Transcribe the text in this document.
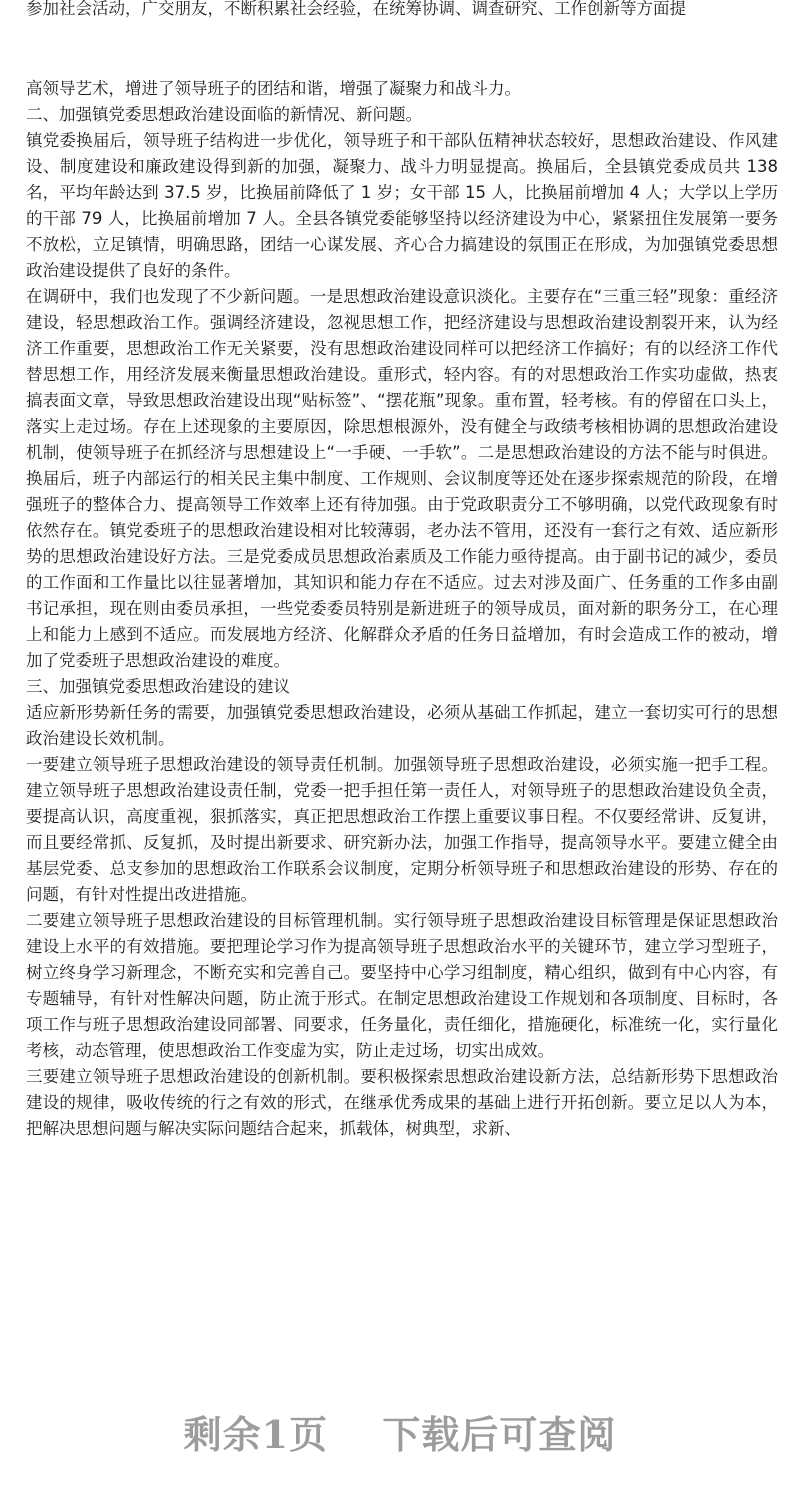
参加社会活动，广交朋友，不断积累社会经验，在统筹协调、调查研究、工作创新等方面提

高领导艺术，增进了领导班子的团结和谐，增强了凝聚力和战斗力。

二、加强镇党委思想政治建设面临的新情况、新问题。

镇党委换届后，领导班子结构进一步优化，领导班子和干部队伍精神状态较好，思想政治建设、作风建设、制度建设和廉政建设得到新的加强，凝聚力、战斗力明显提高。换届后，全县镇党委成员共 138 名，平均年龄达到 37.5 岁，比换届前降低了 1 岁；女干部 15 人，比换届前增加 4 人；大学以上学历的干部 79 人，比换届前增加 7 人。全县各镇党委能够坚持以经济建设为中心，紧紧扭住发展第一要务不放松，立足镇情，明确思路，团结一心谋发展、齐心合力搞建设的氛围正在形成，为加强镇党委思想政治建设提供了良好的条件。

在调研中，我们也发现了不少新问题。一是思想政治建设意识淡化。主要存在“三重三轻”现象：重经济建设，轻思想政治工作。强调经济建设，忽视思想工作，把经济建设与思想政治建设割裂开来，认为经济工作重要，思想政治工作无关紧要，没有思想政治建设同样可以把经济工作搞好；有的以经济工作代替思想工作，用经济发展来衡量思想政治建设。重形式，轻内容。有的对思想政治工作实功虚做，热衷搞表面文章，导致思想政治建设出现“贴标签”、“摆花瓶”现象。重布置，轻考核。有的停留在口头上，落实上走过场。存在上述现象的主要原因，除思想根源外，没有健全与政绩考核相协调的思想政治建设机制，使领导班子在抓经济与思想建设上“一手硬、一手软”。二是思想政治建设的方法不能与时俱进。换届后，班子内部运行的相关民主集中制度、工作规则、会议制度等还处在逐步探索规范的阶段，在增强班子的整体合力、提高领导工作效率上还有待加强。由于党政职责分工不够明确，以党代政现象有时依然存在。镇党委班子的思想政治建设相对比较薄弱，老办法不管用，还没有一套行之有效、适应新形势的思想政治建设好方法。三是党委成员思想政治素质及工作能力亟待提高。由于副书记的减少，委员的工作面和工作量比以往显著增加，其知识和能力存在不适应。过去对涉及面广、任务重的工作多由副书记承担，现在则由委员承担，一些党委委员特别是新进班子的领导成员，面对新的职务分工，在心理上和能力上感到不适应。而发展地方经济、化解群众矛盾的任务日益增加，有时会造成工作的被动，增加了党委班子思想政治建设的难度。

三、加强镇党委思想政治建设的建议

适应新形势新任务的需要，加强镇党委思想政治建设，必须从基础工作抓起，建立一套切实可行的思想政治建设长效机制。

一要建立领导班子思想政治建设的领导责任机制。加强领导班子思想政治建设，必须实施一把手工程。建立领导班子思想政治建设责任制，党委一把手担任第一责任人，对领导班子的思想政治建设负全责，要提高认识，高度重视，狠抓落实，真正把思想政治工作摆上重要议事日程。不仅要经常讲、反复讲，而且要经常抓、反复抓，及时提出新要求、研究新办法，加强工作指导，提高领导水平。要建立健全由基层党委、总支参加的思想政治工作联系会议制度，定期分析领导班子和思想政治建设的形势、存在的问题，有针对性提出改进措施。

二要建立领导班子思想政治建设的目标管理机制。实行领导班子思想政治建设目标管理是保证思想政治建设上水平的有效措施。要把理论学习作为提高领导班子思想政治水平的关键环节，建立学习型班子，树立终身学习新理念，不断充实和完善自己。要坚持中心学习组制度，精心组织，做到有中心内容，有专题辅导，有针对性解决问题，防止流于形式。在制定思想政治建设工作规划和各项制度、目标时，各项工作与班子思想政治建设同部署、同要求，任务量化，责任细化，措施硬化，标准统一化，实行量化考核，动态管理，使思想政治工作变虚为实，防止走过场，切实出成效。

三要建立领导班子思想政治建设的创新机制。要积极探索思想政治建设新方法，总结新形势下思想政治建设的规律，吸收传统的行之有效的形式，在继承优秀成果的基础上进行开拓创新。要立足以人为本，把解决思想问题与解决实际问题结合起来，抓载体，树典型，求新、

剩余1页 下载后可查阅
